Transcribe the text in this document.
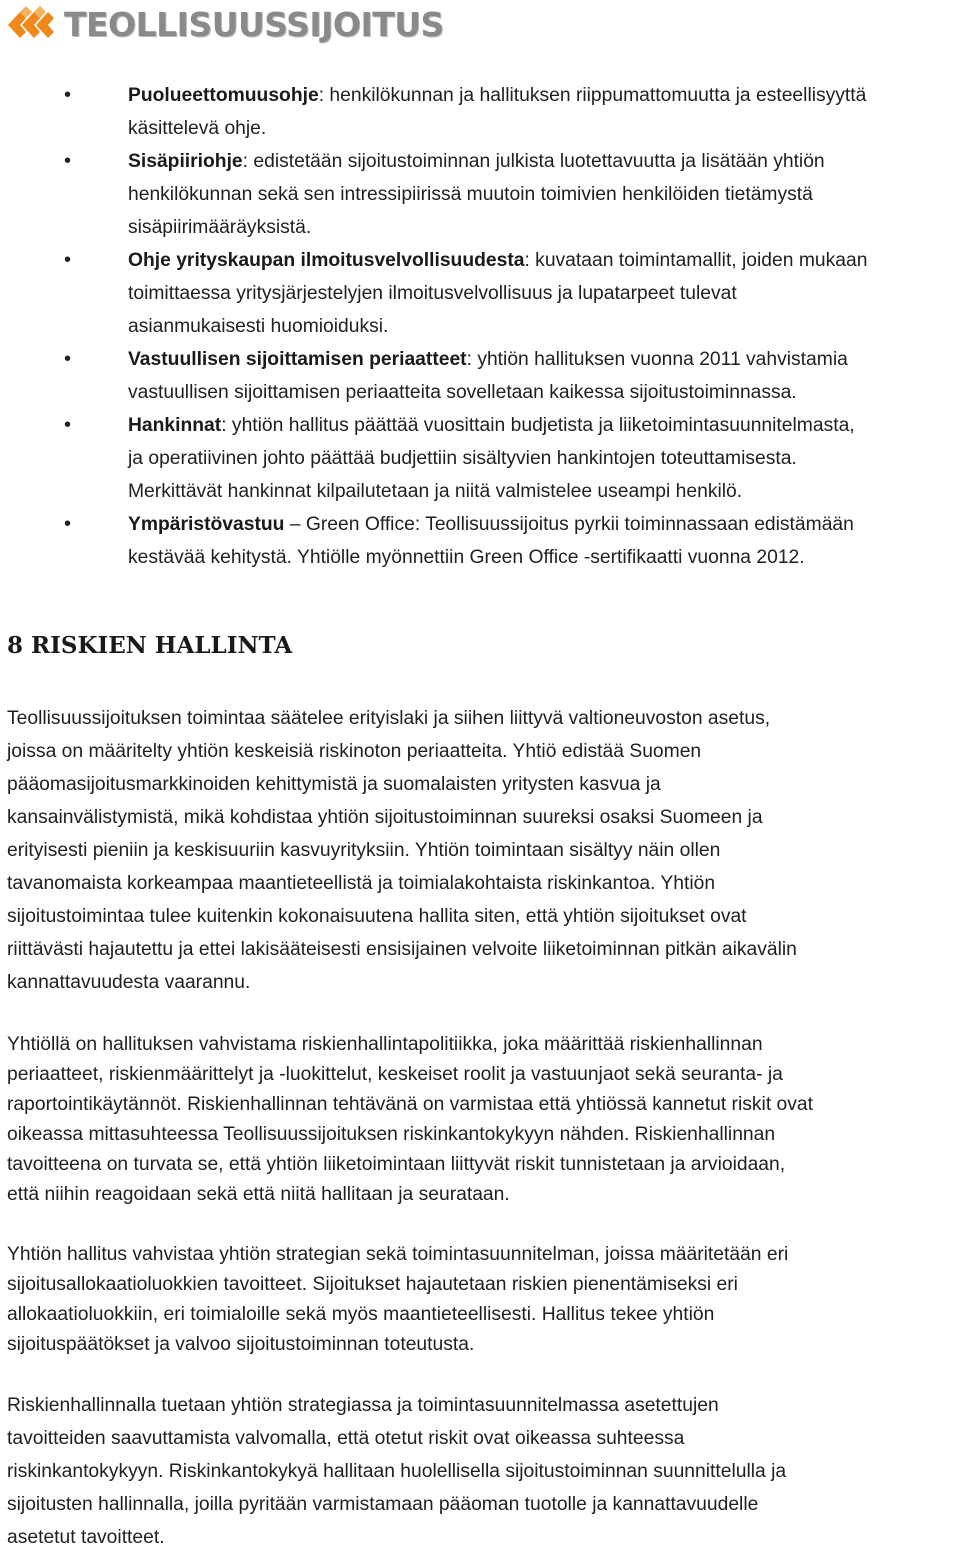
TEOLLISUUSSIJOITUS
•	Puolueettomuusohje: henkilökunnan ja hallituksen riippumattomuutta ja esteellisyyttä
käsittelevä ohje.
•	Sisäpiiriohje: edistetään sijoitustoiminnan julkista luotettavuutta ja lisätään yhtiön
henkilökunnan sekä sen intressipiirissä muutoin toimivien henkilöiden tietämystä
sisäpiirimääräyksistä.
•	Ohje yrityskaupan ilmoitusvelvollisuudesta: kuvataan toimintamallit, joiden mukaan
toimittaessa yritysjärjestelyjen ilmoitusvelvollisuus ja lupatarpeet tulevat
asianmukaisesti huomioiduksi.
•	Vastuullisen sijoittamisen periaatteet: yhtiön hallituksen vuonna 2011 vahvistamia
vastuullisen sijoittamisen periaatteita sovelletaan kaikessa sijoitustoiminnassa.
•	Hankinnat: yhtiön hallitus päättää vuosittain budjetista ja liiketoimintasuunnitelmasta,
ja operatiivinen johto päättää budjettiin sisältyvien hankintojen toteuttamisesta.
Merkittävät hankinnat kilpailutetaan ja niitä valmistelee useampi henkilö.
•	Ympäristövastuu – Green Office: Teollisuussijoitus pyrkii toiminnassaan edistämään
kestävää kehitystä. Yhtiölle myönnettiin Green Office -sertifikaatti vuonna 2012.
8 RISKIEN HALLINTA

Teollisuussijoituksen toimintaa säätelee erityislaki ja siihen liittyvä valtioneuvoston asetus,
joissa on määritelty yhtiön keskeisiä riskinoton periaatteita. Yhtiö edistää Suomen
pääomasijoitusmarkkinoiden kehittymistä ja suomalaisten yritysten kasvua ja
kansainvälistymistä, mikä kohdistaa yhtiön sijoitustoiminnan suureksi osaksi Suomeen ja
erityisesti pieniin ja keskisuuriin kasvuyrityksiin. Yhtiön toimintaan sisältyy näin ollen
tavanomaista korkeampaa maantieteellistä ja toimialakohtaista riskinkantoa. Yhtiön
sijoitustoimintaa tulee kuitenkin kokonaisuutena hallita siten, että yhtiön sijoitukset ovat
riittävästi hajautettu ja ettei lakisääteisesti ensisijainen velvoite liiketoiminnan pitkän aikavälin
kannattavuudesta vaarannu.

Yhtiöllä on hallituksen vahvistama riskienhallintapolitiikka, joka määrittää riskienhallinnan
periaatteet, riskienmäärittelyt ja -luokittelut, keskeiset roolit ja vastuunjaot sekä seuranta- ja
raportointikäytännöt. Riskienhallinnan tehtävänä on varmistaa että yhtiössä kannetut riskit ovat
oikeassa mittasuhteessa Teollisuussijoituksen riskinkantokykyyn nähden. Riskienhallinnan
tavoitteena on turvata se, että yhtiön liiketoimintaan liittyvät riskit tunnistetaan ja arvioidaan,
että niihin reagoidaan sekä että niitä hallitaan ja seurataan.

Yhtiön hallitus vahvistaa yhtiön strategian sekä toimintasuunnitelman, joissa määritetään eri
sijoitusallokaatioluokkien tavoitteet. Sijoitukset hajautetaan riskien pienentämiseksi eri
allokaatioluokkiin, eri toimialoille sekä myös maantieteellisesti. Hallitus tekee yhtiön
sijoituspäätökset ja valvoo sijoitustoiminnan toteutusta.

Riskienhallinnalla tuetaan yhtiön strategiassa ja toimintasuunnitelmassa asetettujen
tavoitteiden saavuttamista valvomalla, että otetut riskit ovat oikeassa suhteessa
riskinkantokykyyn. Riskinkantokykyä hallitaan huolellisella sijoitustoiminnan suunnittelulla ja
sijoitusten hallinnalla, joilla pyritään varmistamaan pääoman tuotolle ja kannattavuudelle
asetetut tavoitteet.
